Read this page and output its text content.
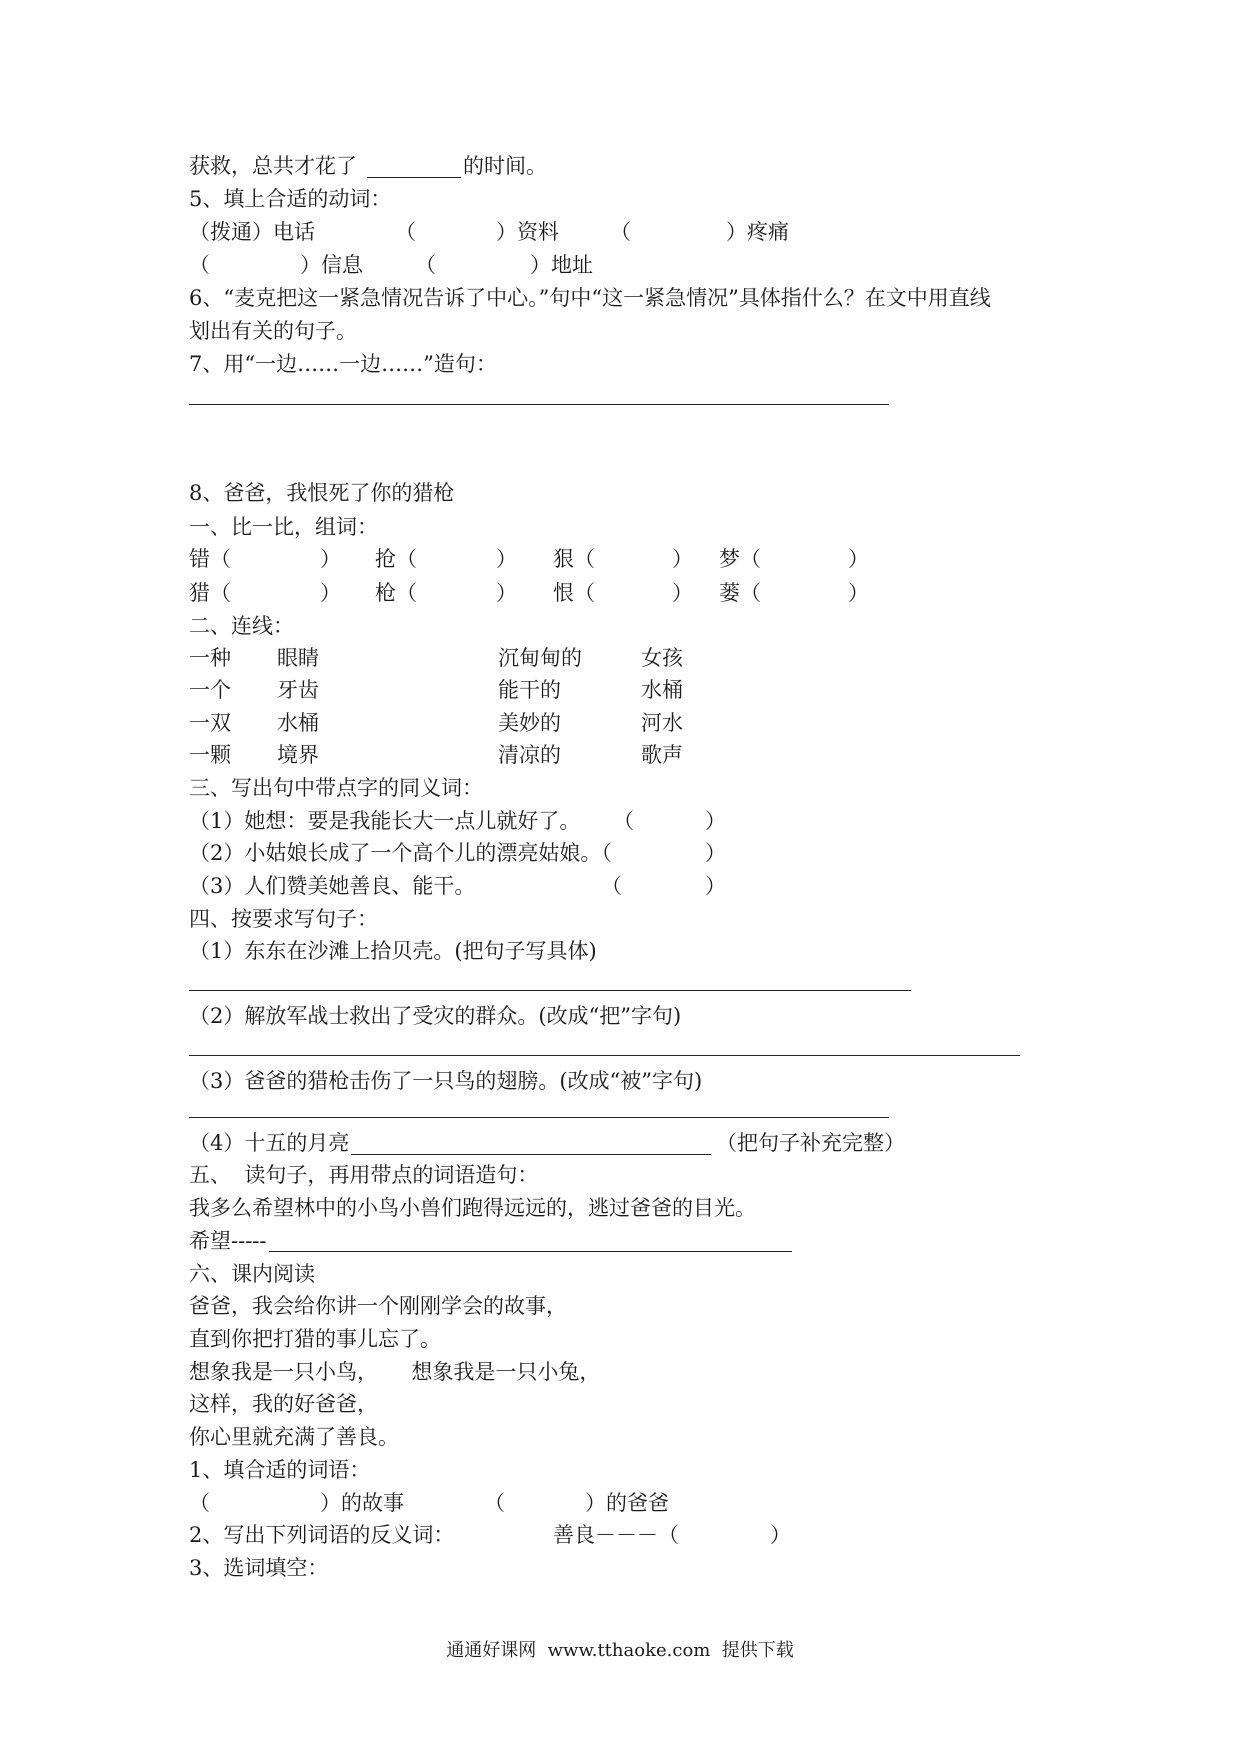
获救，总共才花了	的时间。
5、填上合适的动词：
（拨通）电话	（	）资料 （	）疼痛
（	）信息 （	）地址
6、“麦克把这一紧急情况告诉了中心。”句中“这一紧急情况”具体指什么？在文中用直线
划出有关的句子。
7、用“一边……一边……”造句：
8、爸爸，我恨死了你的猎枪
一、比一比，组词：
错（	） 抢（	） 狠（	） 梦（	）
猎（	） 枪（	） 恨（	） 蒌（	）
二、连线：
一种 眼睛	沉甸甸的	女孩
一个 牙齿	能干的	水桶
一双 水桶	美妙的	河水
一颗 境界	清凉的	歌声
三、写出句中带点字的同义词：
（1）她想：要是我能长大一点儿就好了。 （	）
（2）小姑娘长成了一个高个儿的漂亮姑娘。（	）
（3）人们赞美她善良、能干。	（	）
四、按要求写句子：
（1）东东在沙滩上拾贝壳。(把句子写具体)
（2）解放军战士救出了受灾的群众。(改成“把”字句)
（3）爸爸的猎枪击伤了一只鸟的翅膀。(改成“被”字句)
（4）十五的月亮	（把句子补充完整）
五、  读句子，再用带点的词语造句：
我多么希望林中的小鸟小兽们跑得远远的，逃过爸爸的目光。
希望-----
六、课内阅读
爸爸，我会给你讲一个刚刚学会的故事，
直到你把打猎的事儿忘了。
想象我是一只小鸟，     想象我是一只小兔，
这样，我的好爸爸，
你心里就充满了善良。
1、填合适的词语：
（	）的故事	（	）的爸爸
2、写出下列词语的反义词：	善良－－－（	）
3、选词填空：
通通好课网  www.tthaoke.com  提供下载
